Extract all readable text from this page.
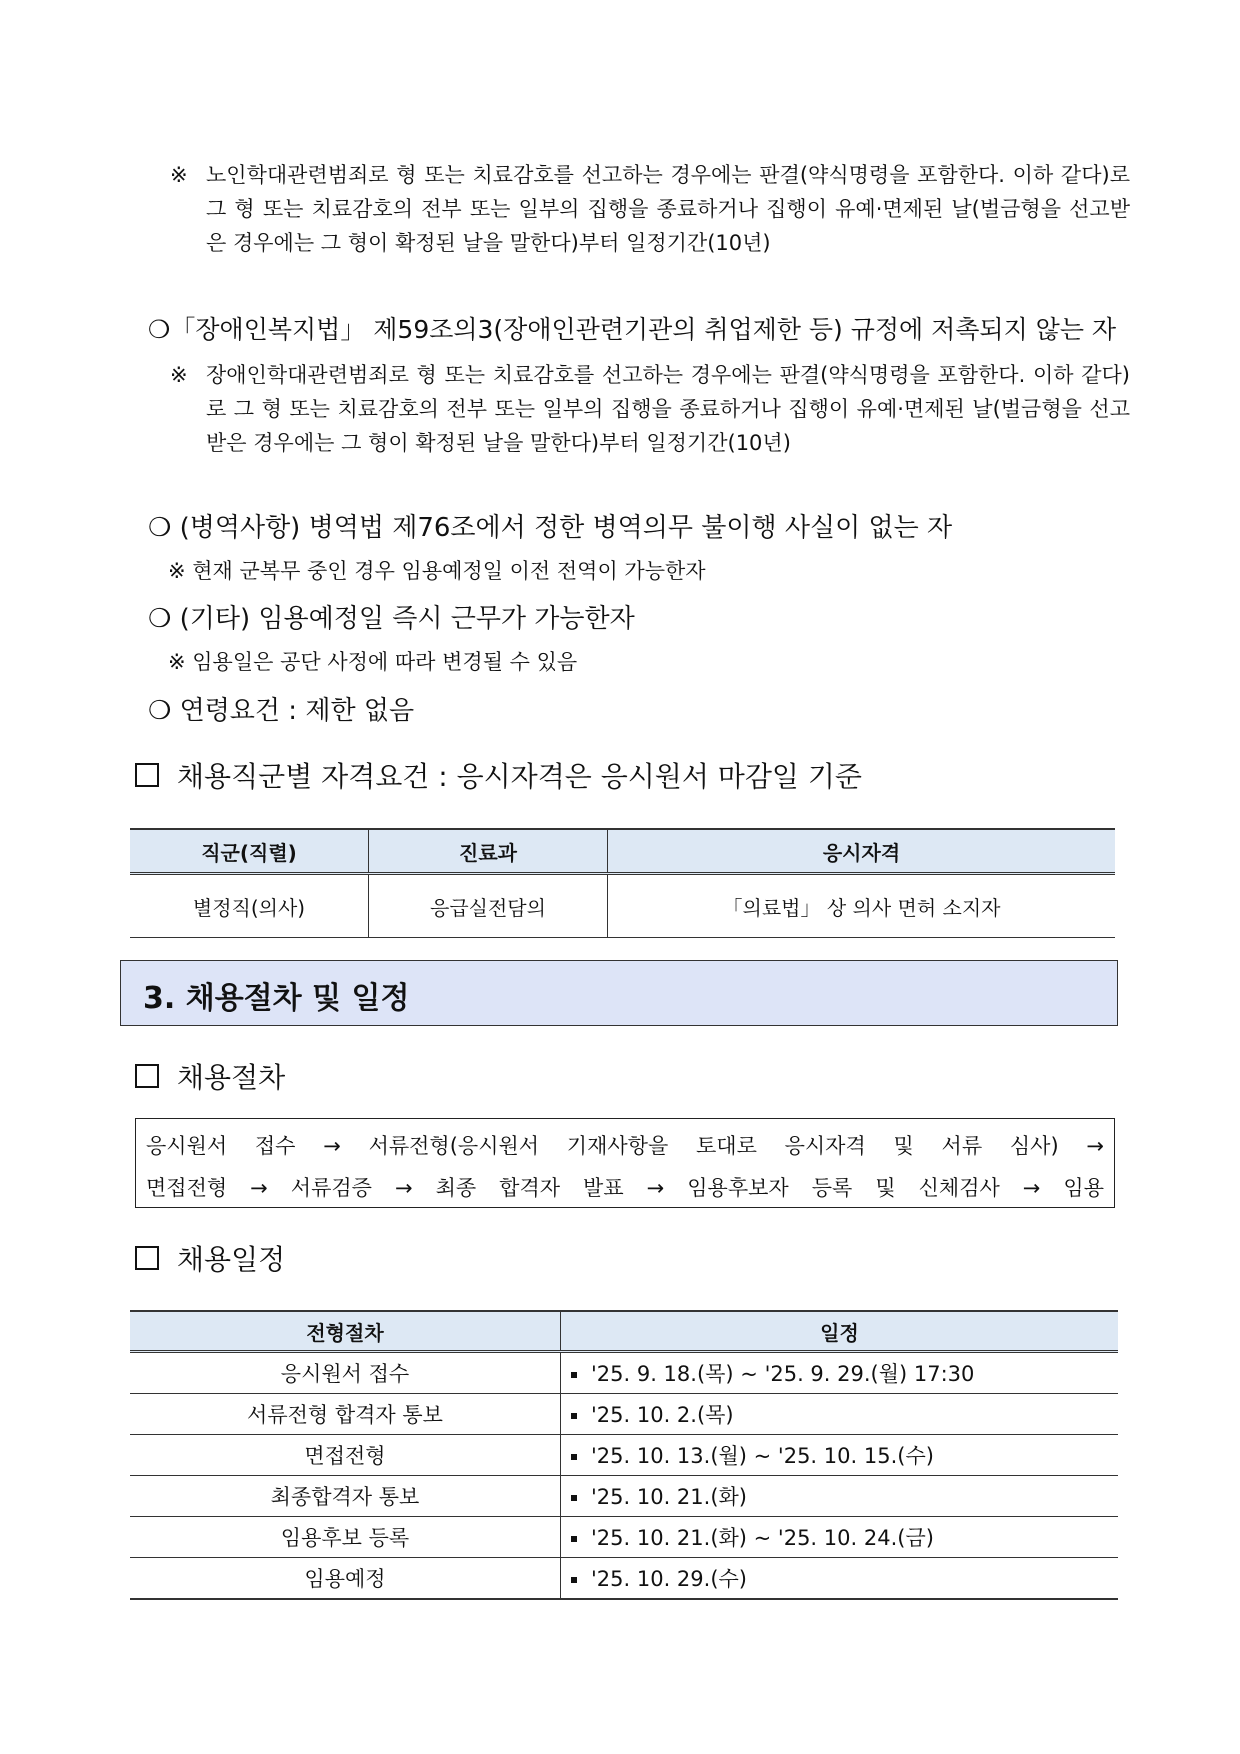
※ 노인학대관련범죄로 형 또는 치료감호를 선고하는 경우에는 판결(약식명령을 포함한다. 이하 같다)로 그 형 또는 치료감호의 전부 또는 일부의 집행을 종료하거나 집행이 유예·면제된 날(벌금형을 선고받은 경우에는 그 형이 확정된 날을 말한다)부터 일정기간(10년)
❍「장애인복지법」 제59조의3(장애인관련기관의 취업제한 등) 규정에 저촉되지 않는 자
※ 장애인학대관련범죄로 형 또는 치료감호를 선고하는 경우에는 판결(약식명령을 포함한다. 이하 같다)로 그 형 또는 치료감호의 전부 또는 일부의 집행을 종료하거나 집행이 유예·면제된 날(벌금형을 선고받은 경우에는 그 형이 확정된 날을 말한다)부터 일정기간(10년)
❍ (병역사항) 병역법 제76조에서 정한 병역의무 불이행 사실이 없는 자
※ 현재 군복무 중인 경우 임용예정일 이전 전역이 가능한자
❍ (기타) 임용예정일 즉시 근무가 가능한자
※ 임용일은 공단 사정에 따라 변경될 수 있음
❍ 연령요건 : 제한 없음
채용직군별 자격요건 : 응시자격은 응시원서 마감일 기준
직군(직렬)	진료과	응시자격
별정직(의사)	응급실전담의	「의료법」 상 의사 면허 소지자
3. 채용절차 및 일정
채용절차
응시원서 접수 → 서류전형(응시원서 기재사항을 토대로 응시자격 및 서류 심사) →
면접전형 → 서류검증 → 최종 합격자 발표 → 임용후보자 등록 및 신체검사 → 임용
채용일정
전형절차	일정
응시원서 접수	'25. 9. 18.(목) ~ '25. 9. 29.(월) 17:30
서류전형 합격자 통보	'25. 10. 2.(목)
면접전형	'25. 10. 13.(월) ~ '25. 10. 15.(수)
최종합격자 통보	'25. 10. 21.(화)
임용후보 등록	'25. 10. 21.(화) ~ '25. 10. 24.(금)
임용예정	'25. 10. 29.(수)
